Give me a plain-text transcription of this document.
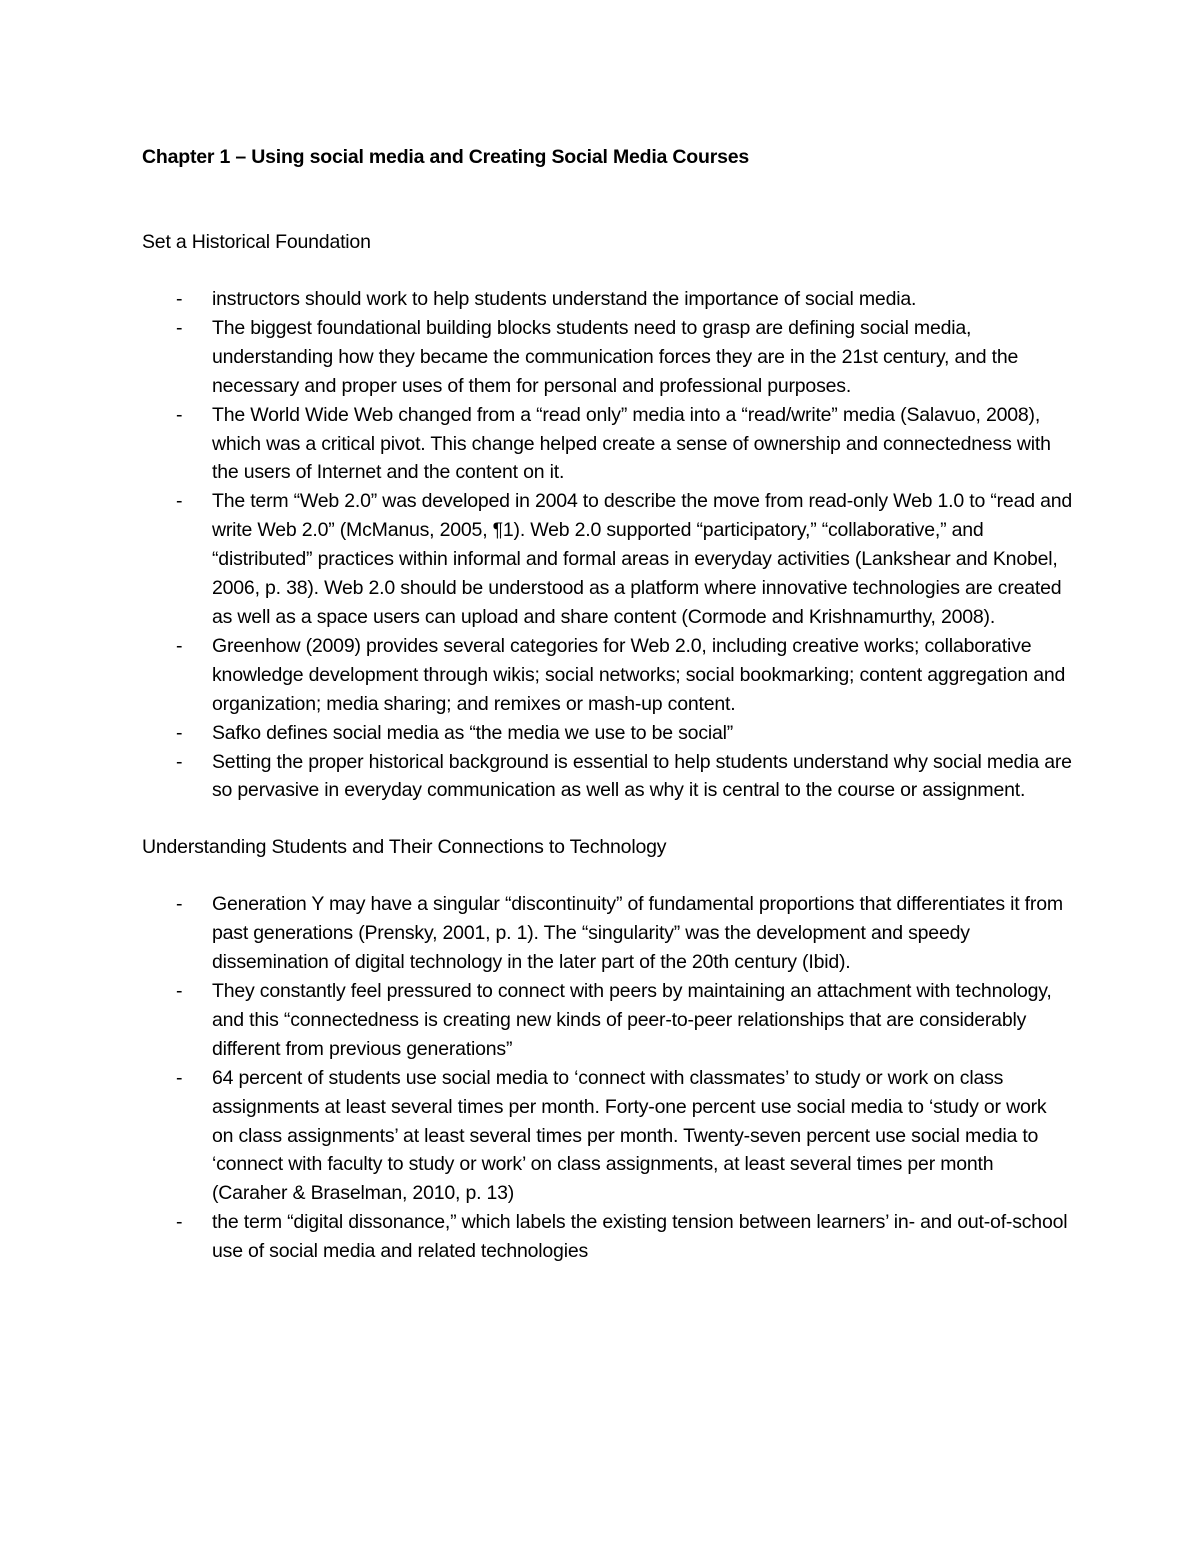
Chapter 1 – Using social media and Creating Social Media Courses

Set a Historical Foundation

- instructors should work to help students understand the importance of social media.
- The biggest foundational building blocks students need to grasp are defining social media, understanding how they became the communication forces they are in the 21st century, and the necessary and proper uses of them for personal and professional purposes.
- The World Wide Web changed from a “read only” media into a “read/write” media (Salavuo, 2008), which was a critical pivot. This change helped create a sense of ownership and connectedness with the users of Internet and the content on it.
- The term “Web 2.0” was developed in 2004 to describe the move from read-only Web 1.0 to “read and write Web 2.0” (McManus, 2005, ¶1). Web 2.0 supported “participatory,” “collaborative,” and “distributed” practices within informal and formal areas in everyday activities (Lankshear and Knobel, 2006, p. 38). Web 2.0 should be understood as a platform where innovative technologies are created as well as a space users can upload and share content (Cormode and Krishnamurthy, 2008).
- Greenhow (2009) provides several categories for Web 2.0, including creative works; collaborative knowledge development through wikis; social networks; social bookmarking; content aggregation and organization; media sharing; and remixes or mash-up content.
- Safko defines social media as “the media we use to be social”
- Setting the proper historical background is essential to help students understand why social media are so pervasive in everyday communication as well as why it is central to the course or assignment.

Understanding Students and Their Connections to Technology

- Generation Y may have a singular “discontinuity” of fundamental proportions that differentiates it from past generations (Prensky, 2001, p. 1). The “singularity” was the development and speedy dissemination of digital technology in the later part of the 20th century (Ibid).
- They constantly feel pressured to connect with peers by maintaining an attachment with technology, and this “connectedness is creating new kinds of peer-to-peer relationships that are considerably different from previous generations”
- 64 percent of students use social media to ‘connect with classmates’ to study or work on class assignments at least several times per month. Forty-one percent use social media to ‘study or work on class assignments’ at least several times per month. Twenty-seven percent use social media to ‘connect with faculty to study or work’ on class assignments, at least several times per month (Caraher & Braselman, 2010, p. 13)
- the term “digital dissonance,” which labels the existing tension between learners’ in- and out-of-school use of social media and related technologies
